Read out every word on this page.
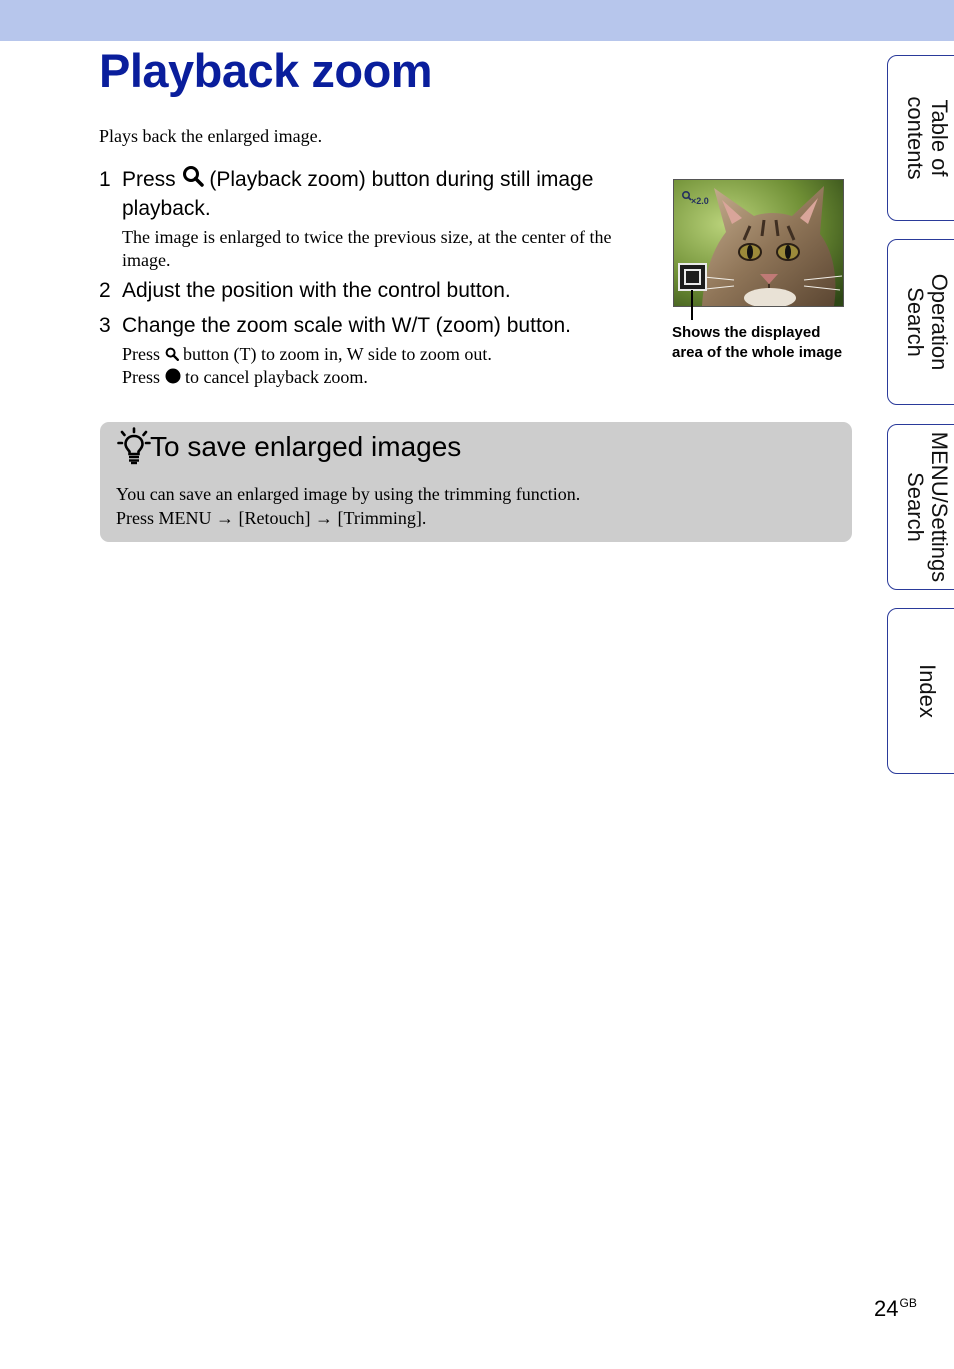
Playback zoom
Plays back the enlarged image.
1 Press (Playback zoom) button during still image
playback.
The image is enlarged to twice the previous size, at the center of the
image.
2 Adjust the position with the control button.
3 Change the zoom scale with W/T (zoom) button.
Press button (T) to zoom in, W side to zoom out.
Press to cancel playback zoom.
×2.0
Shows the displayed area of the whole image
To save enlarged images
You can save an enlarged image by using the trimming function.
Press MENU → [Retouch] → [Trimming].
Table of
contents
Operation
Search
MENU/Settings
Search
Index
$24^{GB}$
